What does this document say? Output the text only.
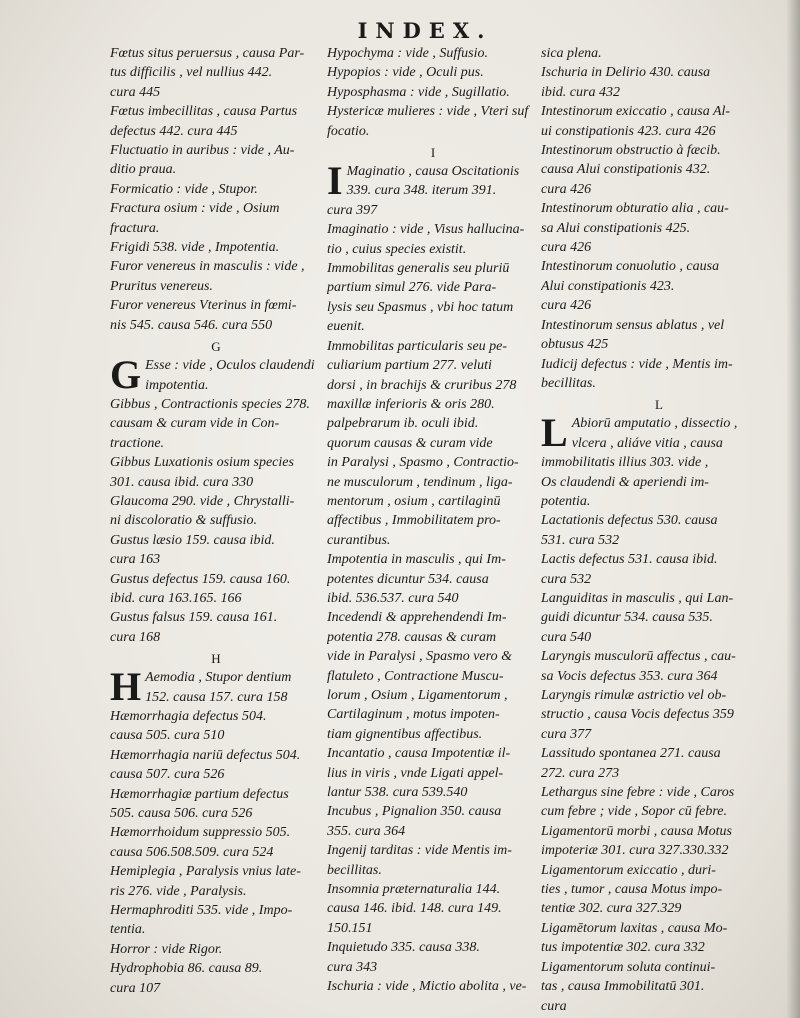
INDEX.
Fœtus situs peruersus , causa Par-
tus difficilis , vel nullius 442.
cura 445
Fœtus imbecillitas , causa Partus
defectus 442. cura 445
Fluctuatio in auribus : vide , Au-
ditio praua.
Formicatio : vide , Stupor.
Fractura osium : vide , Osium
fractura.
Frigidi 538. vide , Impotentia.
Furor venereus in masculis : vide ,
Pruritus venereus.
Furor venereus Vterinus in fœmi-
nis 545. causa 546. cura 550
G
G Esse : vide , Oculos claudendi
impotentia.
Gibbus , Contractionis species 278.
causam & curam vide in Con-
tractione.
Gibbus Luxationis osium species
301. causa ibid. cura 330
Glaucoma 290. vide , Chrystalli-
ni discoloratio & suffusio.
Gustus læsio 159. causa ibid.
cura 163
Gustus defectus 159. causa 160.
ibid. cura 163.165. 166
Gustus falsus 159. causa 161.
cura 168
H
H Aemodia , Stupor dentium
152. causa 157. cura 158
Hæmorrhagia defectus 504.
causa 505. cura 510
Hæmorrhagia nariū defectus 504.
causa 507. cura 526
Hæmorrhagiæ partium defectus
505. causa 506. cura 526
Hæmorrhoidum suppressio 505.
causa 506.508.509. cura 524
Hemiplegia , Paralysis vnius late-
ris 276. vide , Paralysis.
Hermaphroditi 535. vide , Impo-
tentia.
Horror : vide Rigor.
Hydrophobia 86. causa 89.
cura 107
Hypochyma : vide , Suffusio.
Hypopios : vide , Oculi pus.
Hyposphasma : vide , Sugillatio.
Hystericæ mulieres : vide , Vteri suf
focatio.
I
I Maginatio , causa Oscitationis
339. cura 348. iterum 391.
cura 397
Imaginatio : vide , Visus hallucina-
tio , cuius species existit.
Immobilitas generalis seu pluriū
partium simul 276. vide Para-
lysis seu Spasmus , vbi hoc tatum
euenit.
Immobilitas particularis seu pe-
culiarium partium 277. veluti
dorsi , in brachijs & cruribus 278
maxillæ inferioris & oris 280.
palpebrarum ib. oculi ibid.
quorum causas & curam vide
in Paralysi , Spasmo , Contractio-
ne musculorum , tendinum , liga-
mentorum , osium , cartilaginū
affectibus , Immobilitatem pro-
curantibus.
Impotentia in masculis , qui Im-
potentes dicuntur 534. causa
ibid. 536.537. cura 540
Incedendi & apprehendendi Im-
potentia 278. causas & curam
vide in Paralysi , Spasmo vero &
flatuleto , Contractione Muscu-
lorum , Osium , Ligamentorum ,
Cartilaginum , motus impoten-
tiam gignentibus affectibus.
Incantatio , causa Impotentiæ il-
lius in viris , vnde Ligati appel-
lantur 538. cura 539.540
Incubus , Pignalion 350. causa
355. cura 364
Ingenij tarditas : vide Mentis im-
becillitas.
Insomnia præternaturalia 144.
causa 146. ibid. 148. cura 149.
150.151
Inquietudo 335. causa 338.
cura 343
Ischuria : vide , Mictio abolita , ve-
sica plena.
Ischuria in Delirio 430. causa
ibid. cura 432
Intestinorum exiccatio , causa Al-
ui constipationis 423. cura 426
Intestinorum obstructio à fæcib.
causa Alui constipationis 432.
cura 426
Intestinorum obturatio alia , cau-
sa Alui constipationis 425.
cura 426
Intestinorum conuolutio , causa
Alui constipationis 423.
cura 426
Intestinorum sensus ablatus , vel
obtusus 425
Iudicij defectus : vide , Mentis im-
becillitas.
L
L Abiorū amputatio , dissectio ,
vlcera , aliáve vitia , causa
immobilitatis illius 303. vide ,
Os claudendi & aperiendi im-
potentia.
Lactationis defectus 530. causa
531. cura 532
Lactis defectus 531. causa ibid.
cura 532
Languiditas in masculis , qui Lan-
guidi dicuntur 534. causa 535.
cura 540
Laryngis musculorū affectus , cau-
sa Vocis defectus 353. cura 364
Laryngis rimulæ astrictio vel ob-
structio , causa Vocis defectus 359
cura 377
Lassitudo spontanea 271. causa
272. cura 273
Lethargus sine febre : vide , Caros
cum febre ; vide , Sopor cū febre.
Ligamentorū morbi , causa Motus
impoteriæ 301. cura 327.330.332
Ligamentorum exiccatio , duri-
ties , tumor , causa Motus impo-
tentiæ 302. cura 327.329
Ligamētorum laxitas , causa Mo-
tus impotentiæ 302. cura 332
Ligamentorum soluta continui-
tas , causa Immobilitatū 301.
cura
